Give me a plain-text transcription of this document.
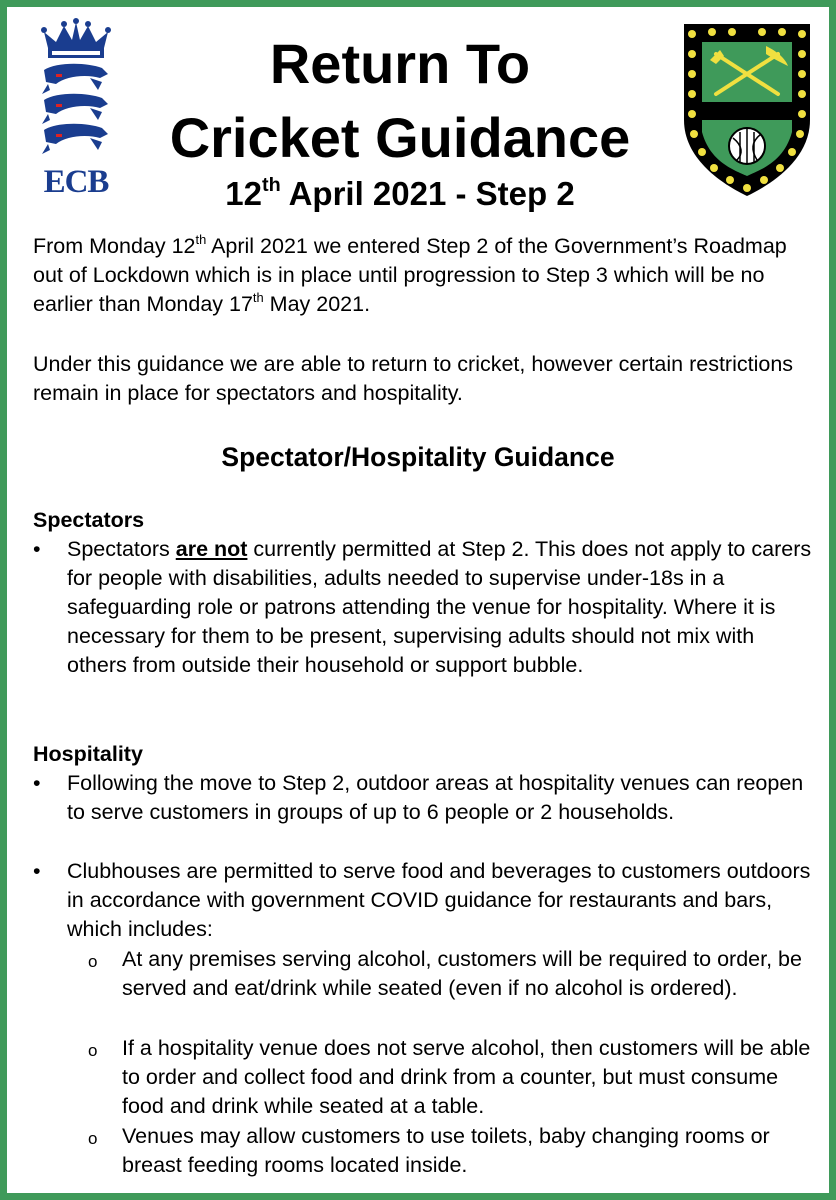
ECB
Return To
Cricket Guidance
12th April 2021 - Step 2

From Monday 12th April 2021 we entered Step 2 of the Government’s Roadmap out of Lockdown which is in place until progression to Step 3 which will be no earlier than Monday 17th May 2021.

Under this guidance we are able to return to cricket, however certain restrictions remain in place for spectators and hospitality.

Spectator/Hospitality Guidance
Spectators
• Spectators are not currently permitted at Step 2. This does not apply to carers for people with disabilities, adults needed to supervise under-18s in a safeguarding role or patrons attending the venue for hospitality. Where it is necessary for them to be present, supervising adults should not mix with others from outside their household or support bubble.
Hospitality
• Following the move to Step 2, outdoor areas at hospitality venues can reopen to serve customers in groups of up to 6 people or 2 households.
• Clubhouses are permitted to serve food and beverages to customers outdoors in accordance with government COVID guidance for restaurants and bars, which includes:
o At any premises serving alcohol, customers will be required to order, be served and eat/drink while seated (even if no alcohol is ordered).
o If a hospitality venue does not serve alcohol, then customers will be able to order and collect food and drink from a counter, but must consume food and drink while seated at a table.
o Venues may allow customers to use toilets, baby changing rooms or breast feeding rooms located inside.
